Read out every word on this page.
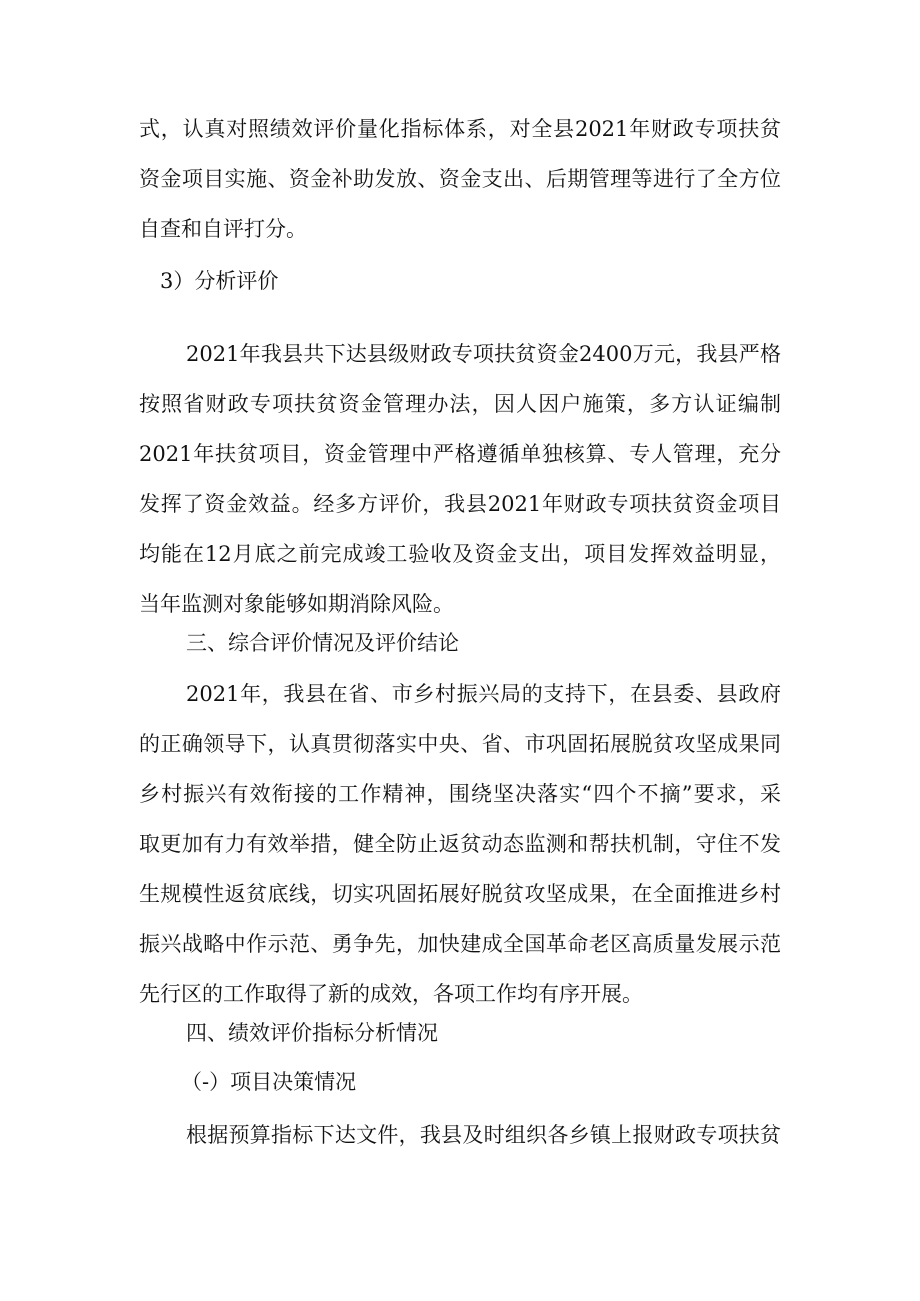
式，认真对照绩效评价量化指标体系，对全县2021年财政专项扶贫
资金项目实施、资金补助发放、资金支出、后期管理等进行了全方位
自查和自评打分。
3）分析评价
2021年我县共下达县级财政专项扶贫资金2400万元，我县严格
按照省财政专项扶贫资金管理办法，因人因户施策，多方认证编制
2021年扶贫项目，资金管理中严格遵循单独核算、专人管理，充分
发挥了资金效益。经多方评价，我县2021年财政专项扶贫资金项目
均能在12月底之前完成竣工验收及资金支出，项目发挥效益明显，
当年监测对象能够如期消除风险。
三、综合评价情况及评价结论
2021年，我县在省、市乡村振兴局的支持下，在县委、县政府
的正确领导下，认真贯彻落实中央、省、市巩固拓展脱贫攻坚成果同
乡村振兴有效衔接的工作精神，围绕坚决落实“四个不摘”要求，采
取更加有力有效举措，健全防止返贫动态监测和帮扶机制，守住不发
生规模性返贫底线，切实巩固拓展好脱贫攻坚成果，在全面推进乡村
振兴战略中作示范、勇争先，加快建成全国革命老区高质量发展示范
先行区的工作取得了新的成效，各项工作均有序开展。
四、绩效评价指标分析情况
（-）项目决策情况
根据预算指标下达文件，我县及时组织各乡镇上报财政专项扶贫
